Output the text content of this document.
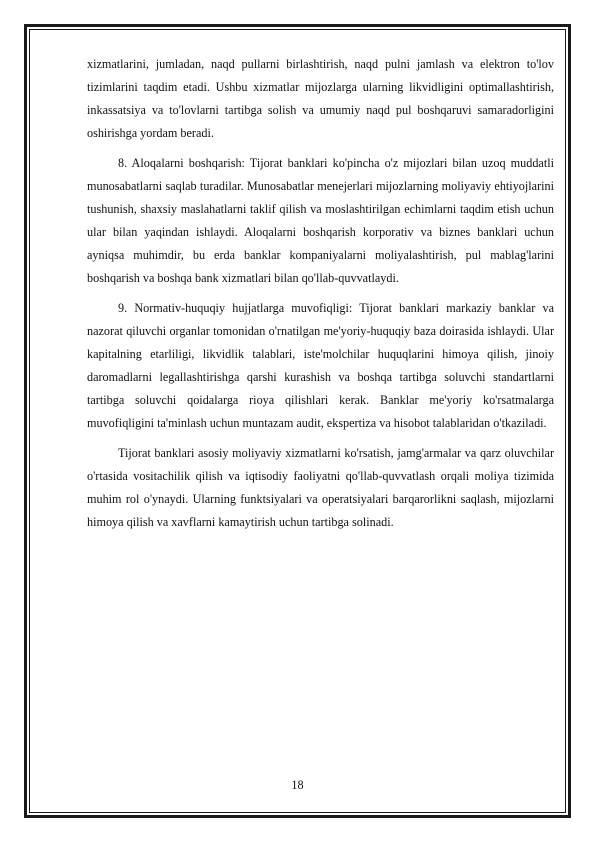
xizmatlarini, jumladan, naqd pullarni birlashtirish, naqd pulni jamlash va elektron to'lov tizimlarini taqdim etadi. Ushbu xizmatlar mijozlarga ularning likvidligini optimallashtirish, inkassatsiya va to'lovlarni tartibga solish va umumiy naqd pul boshqaruvi samaradorligini oshirishga yordam beradi.

8. Aloqalarni boshqarish: Tijorat banklari ko'pincha o'z mijozlari bilan uzoq muddatli munosabatlarni saqlab turadilar. Munosabatlar menejerlari mijozlarning moliyaviy ehtiyojlarini tushunish, shaxsiy maslahatlarni taklif qilish va moslashtirilgan echimlarni taqdim etish uchun ular bilan yaqindan ishlaydi. Aloqalarni boshqarish korporativ va biznes banklari uchun ayniqsa muhimdir, bu erda banklar kompaniyalarni moliyalashtirish, pul mablag'larini boshqarish va boshqa bank xizmatlari bilan qo'llab-quvvatlaydi.

9. Normativ-huquqiy hujjatlarga muvofiqligi: Tijorat banklari markaziy banklar va nazorat qiluvchi organlar tomonidan o'rnatilgan me'yoriy-huquqiy baza doirasida ishlaydi. Ular kapitalning etarliligi, likvidlik talablari, iste'molchilar huquqlarini himoya qilish, jinoiy daromadlarni legallashtirishga qarshi kurashish va boshqa tartibga soluvchi standartlarni tartibga soluvchi qoidalarga rioya qilishlari kerak. Banklar me'yoriy ko'rsatmalarga muvofiqligini ta'minlash uchun muntazam audit, ekspertiza va hisobot talablaridan o'tkaziladi.

Tijorat banklari asosiy moliyaviy xizmatlarni ko'rsatish, jamg'armalar va qarz oluvchilar o'rtasida vositachilik qilish va iqtisodiy faoliyatni qo'llab-quvvatlash orqali moliya tizimida muhim rol o'ynaydi. Ularning funktsiyalari va operatsiyalari barqarorlikni saqlash, mijozlarni himoya qilish va xavflarni kamaytirish uchun tartibga solinadi.

18
